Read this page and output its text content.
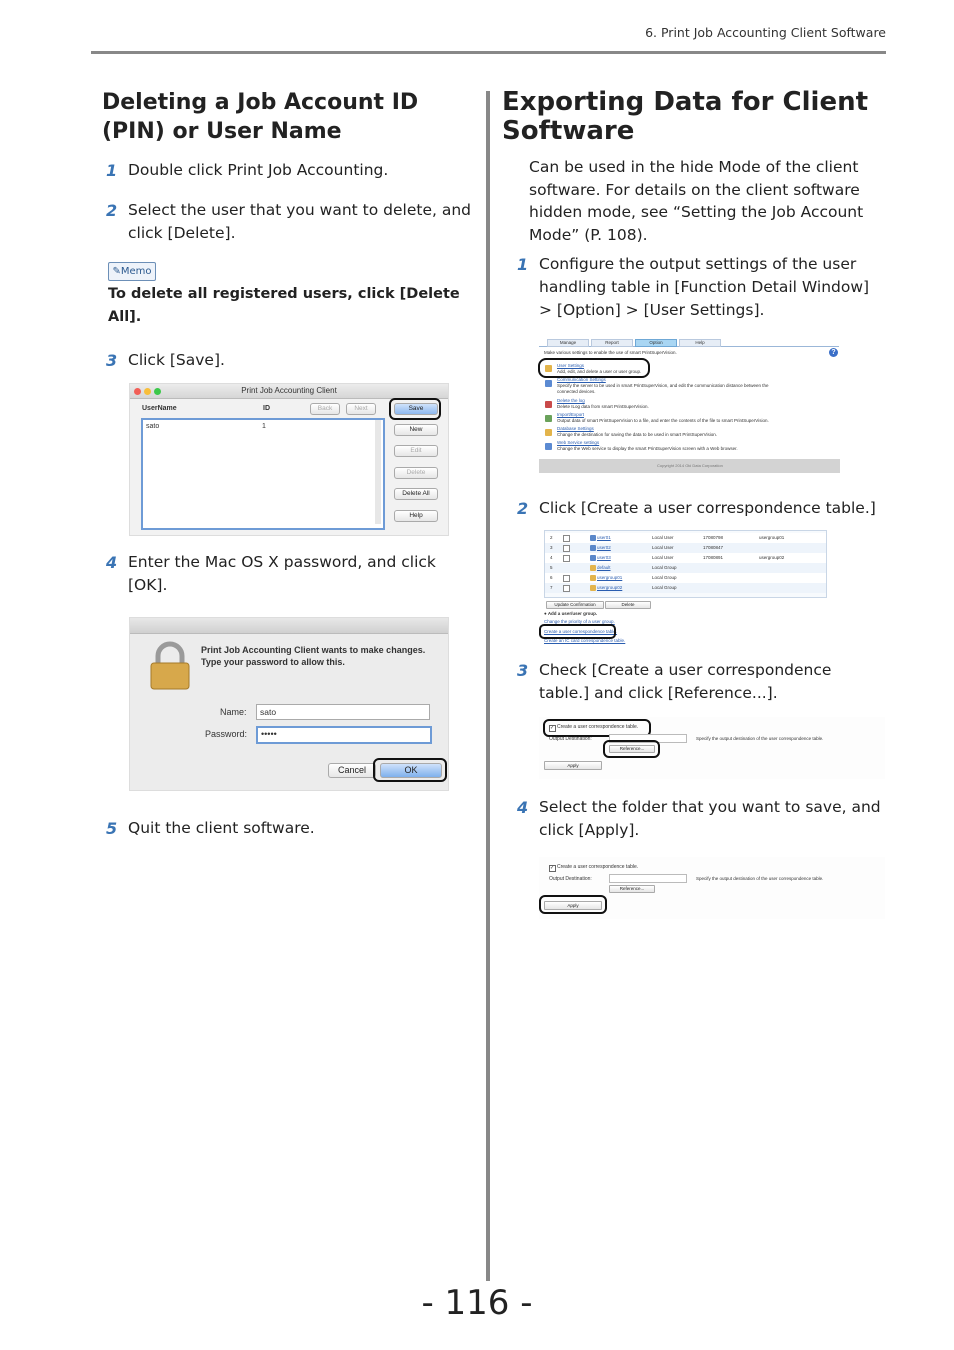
6. Print Job Accounting Client Software
Deleting a Job Account ID (PIN) or User Name
1 Double click Print Job Accounting.
2 Select the user that you want to delete, and click [Delete].
✎Memo
To delete all registered users, click [Delete All].
3 Click [Save].
Print Job Accounting Client
UserName	ID
sato	1
Back	Next	Save
New
Edit
Delete
Delete All
Help
4 Enter the Mac OS X password, and click [OK].
Print Job Accounting Client wants to make changes. Type your password to allow this.
Name: sato
Password: •••••
Cancel	OK
5 Quit the client software.
Exporting Data for Client Software
Can be used in the hide Mode of the client software. For details on the client software hidden mode, see “Setting the Job Account Mode” (P. 108).
1 Configure the output settings of the user handling table in [Function Detail Window] > [Option] > [User Settings].
Manage	Report	Option	Help
Make various settings to enable the use of smart PrintSuperVision.	?
User Settings
Add, edit, and delete a user or user group.
Communication Settings
Specify the server to be used in smart PrintSuperVision, and edit the communication distance between the connected devices.
Delete the log
Delete ILog data from smart PrintSuperVision.
Import/Export
Output data of smart PrintSuperVision to a file, and enter the contents of the file to smart PrintSuperVision.
Database Settings
Change the destination for saving the data to be used in smart PrintSuperVision.
Web Service settings
Change the Web service to display the smart PrintSuperVision screen with a Web browser.
Copyright 2014 Oki Data Corporation
2 Click [Create a user correspondence table.]
2	user01	Local User	17080798	usergroup01
3	user02	Local User	17080847
4	user03	Local User	17080891	usergroup02
5	default	Local Group
6	usergroup01	Local Group
7	usergroup02	Local Group
Update Confirmation	Delete
● Add a user/user group.
Change the priority of a user group.
Create a user correspondence table.
Create an IC card correspondence table.
3 Check [Create a user correspondence table.] and click [Reference...].
✓ Create a user correspondence table.
Output Destination:	Specify the output destination of the user correspondence table.
Reference...
Apply
4 Select the folder that you want to save, and click [Apply].
✓ Create a user correspondence table.
Output Destination:	Specify the output destination of the user correspondence table.
Reference...
Apply
- 116 -
